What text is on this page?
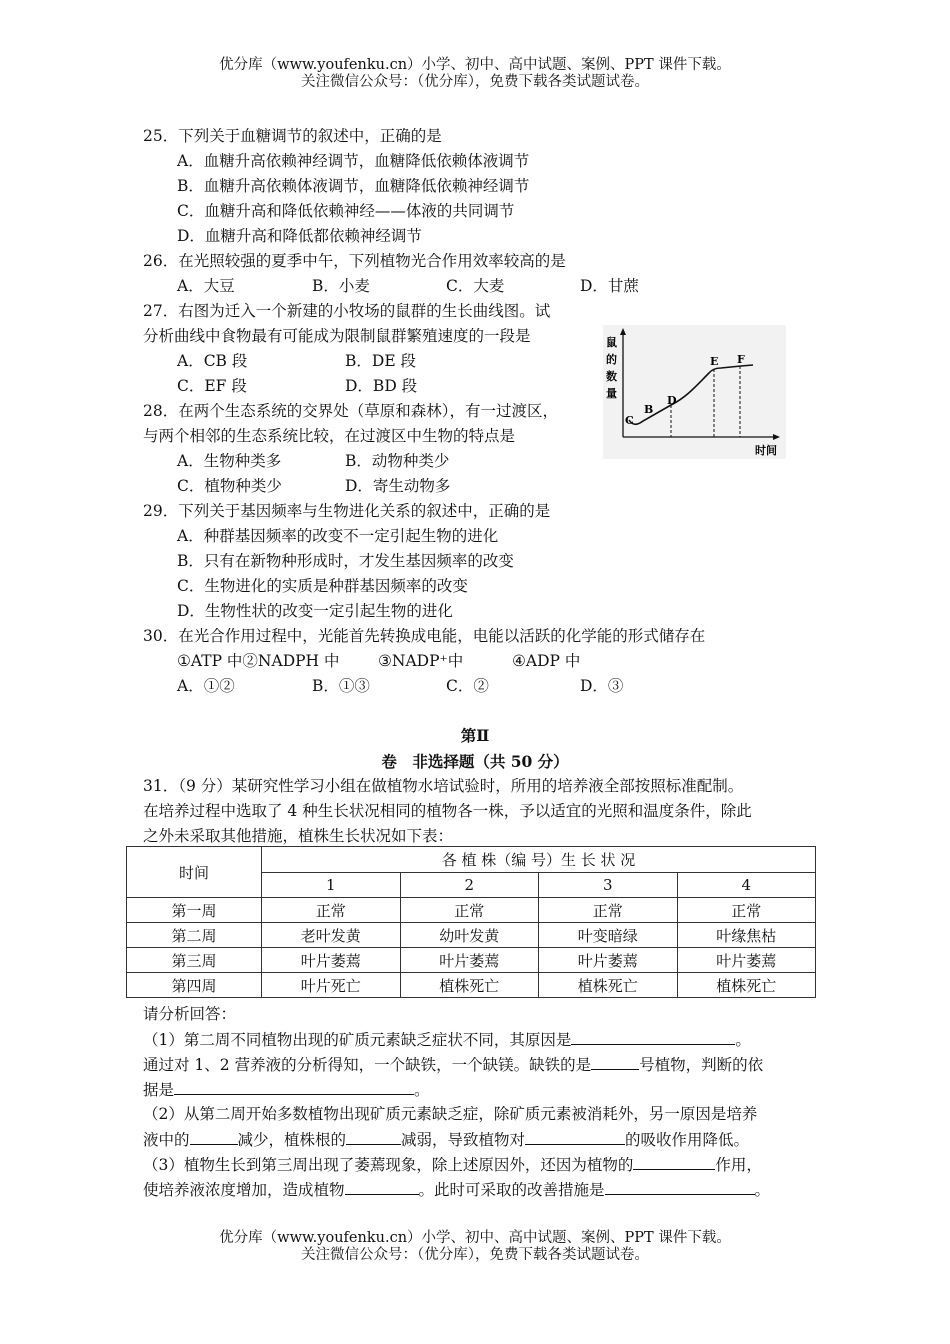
优分库（www.youfenku.cn）小学、初中、高中试题、案例、PPT 课件下载。
关注微信公众号：（优分库），免费下载各类试题试卷。
25．下列关于血糖调节的叙述中，正确的是
A．血糖升高依赖神经调节，血糖降低依赖体液调节
B．血糖升高依赖体液调节，血糖降低依赖神经调节
C．血糖升高和降低依赖神经——体液的共同调节
D．血糖升高和降低都依赖神经调节
26．在光照较强的夏季中午，下列植物光合作用效率较高的是
A．大豆	B．小麦	C．大麦	D．甘蔗
27．右图为迁入一个新建的小牧场的鼠群的生长曲线图。试
分析曲线中食物最有可能成为限制鼠群繁殖速度的一段是
A．CB 段	B．DE 段
C．EF 段	D．BD 段
鼠
的
数
量
C
B
D
E F
时间
28．在两个生态系统的交界处（草原和森林），有一过渡区，
与两个相邻的生态系统比较，在过渡区中生物的特点是
A．生物种类多	B．动物种类少
C．植物种类少	D．寄生动物多
29．下列关于基因频率与生物进化关系的叙述中，正确的是
A．种群基因频率的改变不一定引起生物的进化
B．只有在新物种形成时，才发生基因频率的改变
C．生物进化的实质是种群基因频率的改变
D．生物性状的改变一定引起生物的进化
30．在光合作用过程中，光能首先转换成电能，电能以活跃的化学能的形式储存在
①ATP 中②NADPH 中 ③NADP⁺中	④ADP 中
A．①②	B．①③	C．②	D．③
第Ⅱ
卷　非选择题（共 50 分）
31．（9 分）某研究性学习小组在做植物水培试验时，所用的培养液全部按照标准配制。
在培养过程中选取了 4 种生长状况相同的植物各一株，予以适宜的光照和温度条件，除此
之外未采取其他措施，植株生长状况如下表：
时间	各 植 株（编 号）生 长 状 况			
	1	2	3	4
第一周	正常	正常	正常	正常
第二周	老叶发黄	幼叶发黄	叶变暗绿	叶缘焦枯
第三周	叶片萎蔫	叶片萎蔫	叶片萎蔫	叶片萎蔫
第四周	叶片死亡	植株死亡	植株死亡	植株死亡
请分析回答：
（1）第二周不同植物出现的矿质元素缺乏症状不同，其原因是	。
通过对 1、2 营养液的分析得知，一个缺铁，一个缺镁。缺铁的是	号植物，判断的依
据是	。
（2）从第二周开始多数植物出现矿质元素缺乏症，除矿质元素被消耗外，另一原因是培养
液中的	减少，植株根的	减弱，导致植物对	的吸收作用降低。
（3）植物生长到第三周出现了萎蔫现象，除上述原因外，还因为植物的	作用，
使培养液浓度增加，造成植物	。此时可采取的改善措施是	。
优分库（www.youfenku.cn）小学、初中、高中试题、案例、PPT 课件下载。
关注微信公众号：（优分库），免费下载各类试题试卷。
